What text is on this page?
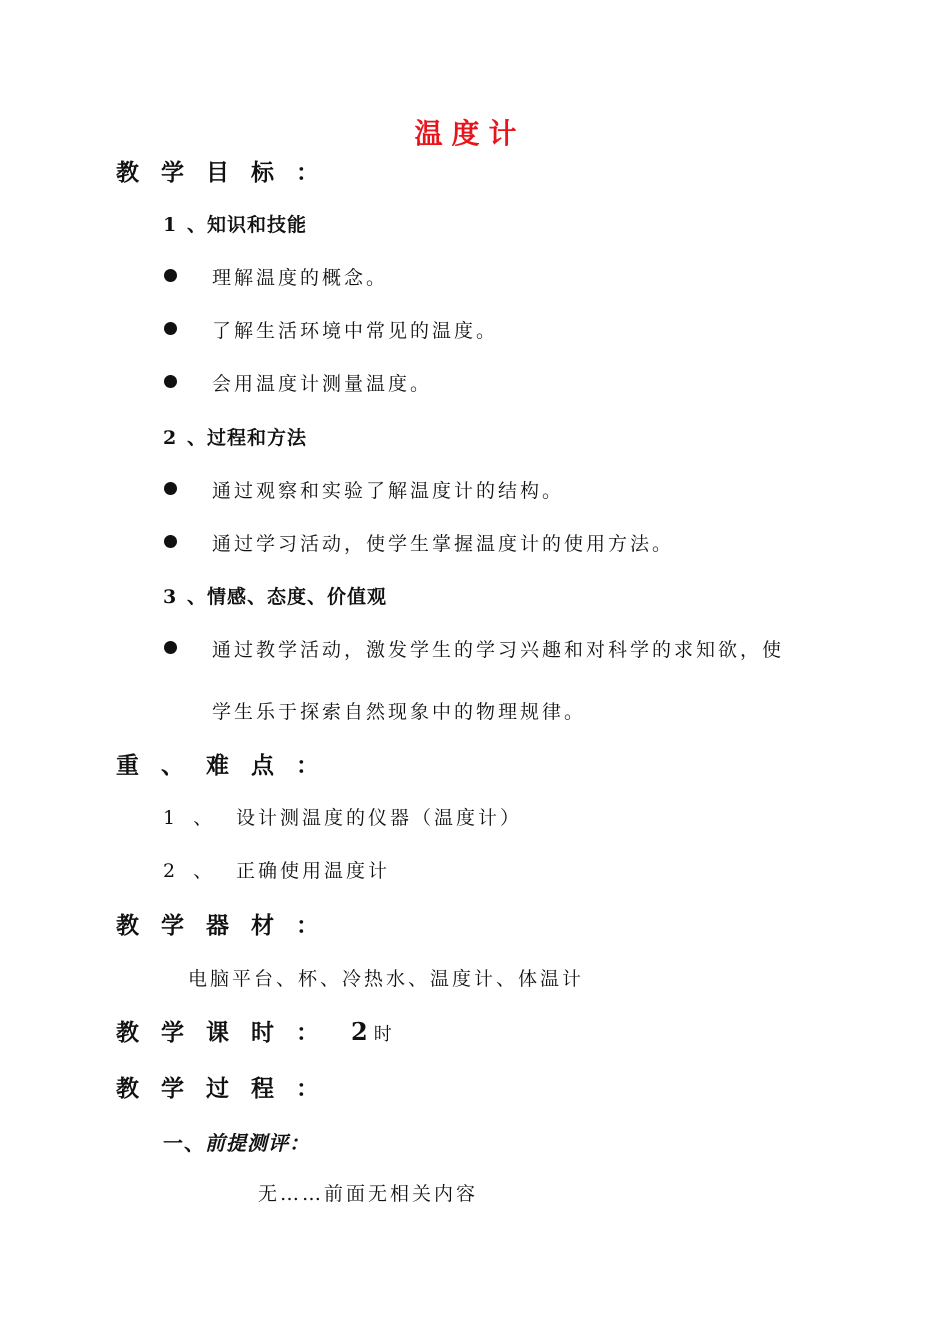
温度计
教学目标：
1 、知识和技能
理解温度的概念。
了解生活环境中常见的温度。
会用温度计测量温度。
2 、过程和方法
通过观察和实验了解温度计的结构。
通过学习活动，使学生掌握温度计的使用方法。
3 、情感、态度、价值观
通过教学活动，激发学生的学习兴趣和对科学的求知欲，使
学生乐于探索自然现象中的物理规律。
重、难点：
1 、 设计测温度的仪器（温度计）
2 、 正确使用温度计
教学器材：
电脑平台、杯、冷热水、温度计、体温计
教学课时： 2 时
教学过程：
一、前提测评：
无……前面无相关内容
